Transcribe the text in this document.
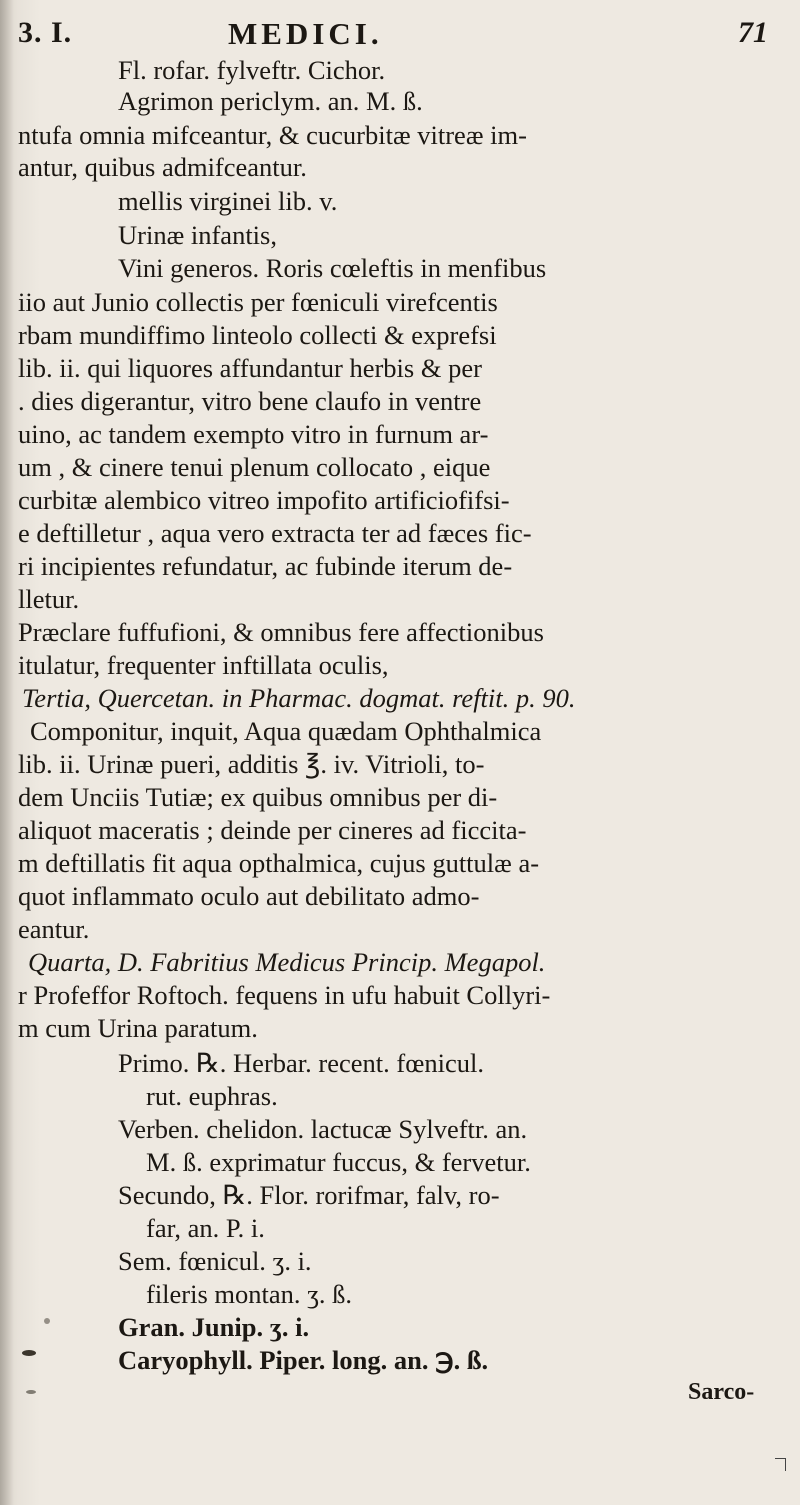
3. I.	MEDICI.	71
Fl. rofar. fylveftr. Cichor.
Agrimon periclym. an. M. ß.
ntufa omnia mifceantur, & cucurbitæ vitreæ im-
antur, quibus admifceantur.
mellis virginei lib. v.
Urinæ infantis,
Vini generos. Roris cœleftis in menfibus
iio aut Junio collectis per fœniculi virefcentis
rbam mundiffimo linteolo collecti & exprefsi
lib. ii. qui liquores affundantur herbis & per
. dies digerantur, vitro bene claufo in ventre
uino, ac tandem exempto vitro in furnum ar-
um , & cinere tenui plenum collocato , eique
curbitæ alembico vitreo impofito artificiofifsi-
e deftilletur , aqua vero extracta ter ad fæces fic-
ri incipientes refundatur, ac fubinde iterum de-
lletur.
Præclare fuffufioni, & omnibus fere affectionibus
itulatur, frequenter inftillata oculis,
Tertia, Quercetan. in Pharmac. dogmat. reftit. p. 90.
Componitur, inquit, Aqua quædam Ophthalmica
lib. ii. Urinæ pueri, additis ℥. iv. Vitrioli, to-
dem Unciis Tutiæ; ex quibus omnibus per di-
aliquot maceratis ; deinde per cineres ad ficcita-
m deftillatis fit aqua opthalmica, cujus guttulæ a-
quot inflammato oculo aut debilitato admo-
eantur.
Quarta, D. Fabritius Medicus Princip. Megapol.
r Profeffor Roftoch. fequens in ufu habuit Collyri-
m cum Urina paratum.
Primo. ℞. Herbar. recent. fœnicul.
rut. euphras.
Verben. chelidon. lactucæ Sylveftr. an.
M. ß. exprimatur fuccus, & fervetur.
Secundo, ℞. Flor. rorifmar, falv, ro-
far, an. P. i.
Sem. fœnicul. ʒ. i.
fileris montan. ʒ. ß.
Gran. Junip. ʒ. i.
Caryophyll. Piper. long. an. ℈. ß.
Sarco-
